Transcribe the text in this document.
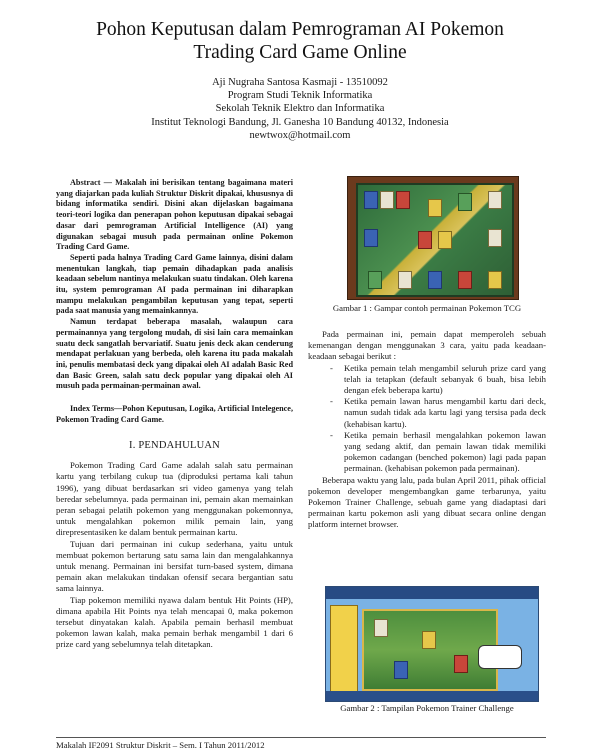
Pohon Keputusan dalam Pemrograman AI Pokemon
Trading Card Game Online
Aji Nugraha Santosa Kasmaji - 13510092
Program Studi Teknik Informatika
Sekolah Teknik Elektro dan Informatika
Institut Teknologi Bandung, Jl. Ganesha 10 Bandung 40132, Indonesia
newtwox@hotmail.com

Abstract — Makalah ini berisikan tentang bagaimana materi yang diajarkan pada kuliah Struktur Diskrit dipakai, khususnya di bidang informatika sendiri. Disini akan dijelaskan bagaimana teori-teori logika dan penerapan pohon keputusan dipakai sebagai dasar dari pemrograman Artificial Intelligence (AI) yang digunakan sebagai musuh pada permainan online Pokemon Trading Card Game.

Seperti pada halnya Trading Card Game lainnya, disini dalam menentukan langkah, tiap pemain dihadapkan pada analisis keadaan sebelum nantinya melakukan suatu tindakan. Oleh karena itu, system pemrograman AI pada permainan ini diharapkan mampu melakukan pengambilan keputusan yang tepat, seperti pada saat manusia yang memainkannya.

Namun terdapat beberapa masalah, walaupun cara permainannya yang tergolong mudah, di sisi lain cara memainkan suatu deck sangatlah bervariatif. Suatu jenis deck akan cenderung mendapat perlakuan yang berbeda, oleh karena itu pada makalah ini, penulis membatasi deck yang dipakai oleh AI adalah Basic Red dan Basic Green, salah satu deck popular yang dipakai oleh AI musuh pada permainan-permainan awal.

Index Terms—Pohon Keputusan, Logika, Artificial Intelegence, Pokemon Trading Card Game.
I. PENDAHULUAN

Pokemon Trading Card Game adalah salah satu permainan kartu yang terbilang cukup tua (diproduksi pertama kali tahun 1996), yang dibuat berdasarkan sri video gamenya yang telah beredar sebelumnya. pada permainan ini, pemain akan memainkan peran sebagai pelatih pokemon yang menggunakan pokemonnya, untuk mengalahkan pokemon milik pemain lain, yang direpresentasiken ke dalam bentuk permainan kartu.

Tujuan dari permainan ini cukup sederhana, yaitu untuk membuat pokemon bertarung satu sama lain dan mengalahkannya untuk menang. Permainan ini bersifat turn-based system, dimana pemain akan melakukan tindakan ofensif secara bergantian satu sama lainnya.

Tiap pokemon memiliki nyawa dalam bentuk Hit Points (HP), dimana apabila Hit Points nya telah mencapai 0, maka pokemon tersebut dinyatakan kalah. Apabila pemain berhasil membuat pokemon lawan kalah, maka pemain berhak mengambil 1 dari 6 prize card yang sebelumnya telah ditetapkan.

Gambar 1 : Gampar contoh permainan Pokemon TCG

Pada permainan ini, pemain dapat memperoleh sebuah kemenangan dengan menggunakan 3 cara, yaitu pada keadaan-keadaan sebagai berikut :

- Ketika pemain telah mengambil seluruh prize card yang telah ia tetapkan (default sebanyak 6 buah, bisa lebih dengan efek beberapa kartu)
- Ketika pemain lawan harus mengambil kartu dari deck, namun sudah tidak ada kartu lagi yang tersisa pada deck (kehabisan kartu).
- Ketika pemain berhasil mengalahkan pokemon lawan yang sedang aktif, dan pemain lawan tidak memiliki pokemon cadangan (benched pokemon) lagi pada papan permainan. (kehabisan pokemon pada permainan).

Beberapa waktu yang lalu, pada bulan April 2011, pihak official pokemon developer mengembangkan game terbarunya, yaitu Pokemon Trainer Challenge, sebuah game yang diadaptasi dari permainan kartu pokemon asli yang dibuat secara online dengan platform internet browser.

Gambar 2 : Tampilan Pokemon Trainer Challenge
Makalah IF2091 Struktur Diskrit – Sem. I Tahun 2011/2012
